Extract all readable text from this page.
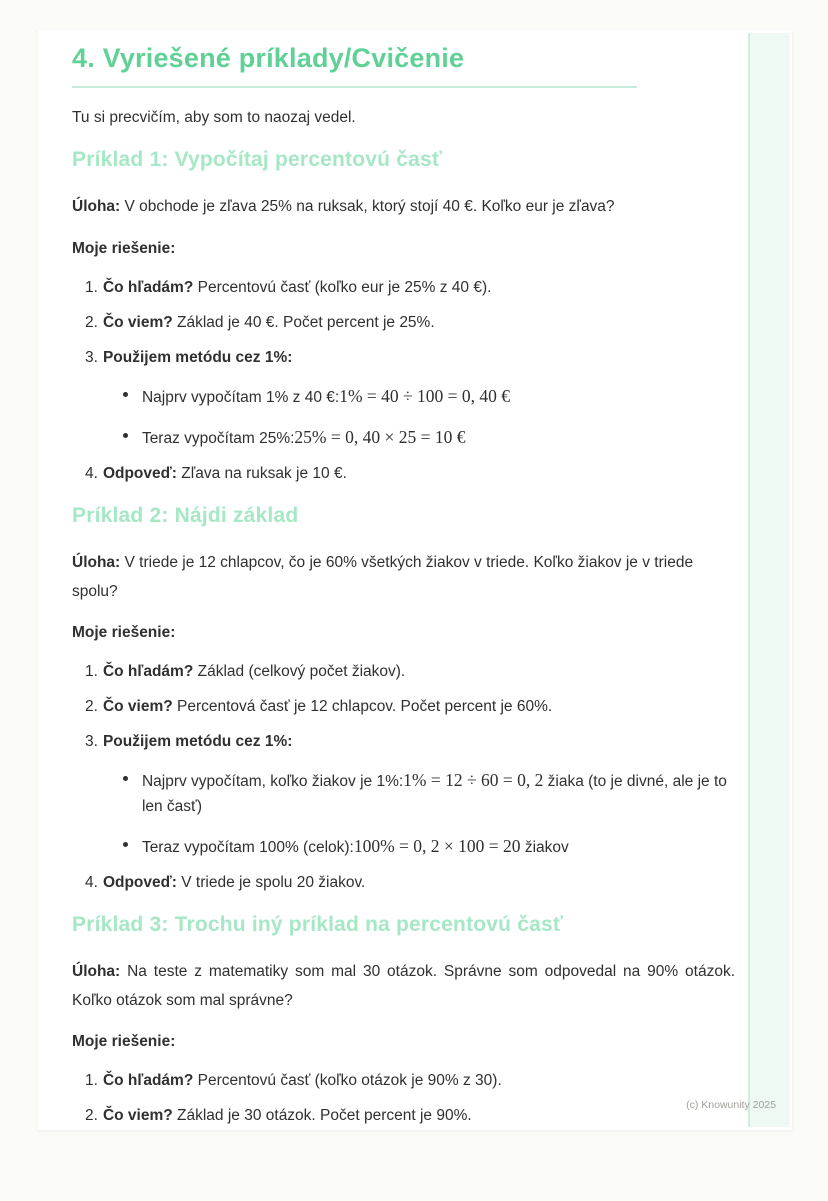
4. Vyriešené príklady/Cvičenie

Tu si precvičím, aby som to naozaj vedel.

Príklad 1: Vypočítaj percentovú časť

Úloha: V obchode je zľava 25% na ruksak, ktorý stojí 40 €. Koľko eur je zľava?

Moje riešenie:

1. Čo hľadám? Percentovú časť (koľko eur je 25% z 40 €).
2. Čo viem? Základ je 40 €. Počet percent je 25%.
3. Použijem metódu cez 1%:
Najprv vypočítam 1% z 40 €:1% = 40 ÷ 100 = 0, 40 €
Teraz vypočítam 25%:25% = 0, 40 × 25 = 10 €
4. Odpoveď: Zľava na ruksak je 10 €.
Príklad 2: Nájdi základ

Úloha: V triede je 12 chlapcov, čo je 60% všetkých žiakov v triede. Koľko žiakov je v triede spolu?

Moje riešenie:

1. Čo hľadám? Základ (celkový počet žiakov).
2. Čo viem? Percentová časť je 12 chlapcov. Počet percent je 60%.
3. Použijem metódu cez 1%:
Najprv vypočítam, koľko žiakov je 1%:1% = 12 ÷ 60 = 0, 2 žiaka (to je divné, ale je to len časť)
Teraz vypočítam 100% (celok):100% = 0, 2 × 100 = 20 žiakov
4. Odpoveď: V triede je spolu 20 žiakov.
Príklad 3: Trochu iný príklad na percentovú časť

Úloha: Na teste z matematiky som mal 30 otázok. Správne som odpovedal na 90% otázok. Koľko otázok som mal správne?

Moje riešenie:

1. Čo hľadám? Percentovú časť (koľko otázok je 90% z 30).
2. Čo viem? Základ je 30 otázok. Počet percent je 90%.
(c) Knowunity 2025
